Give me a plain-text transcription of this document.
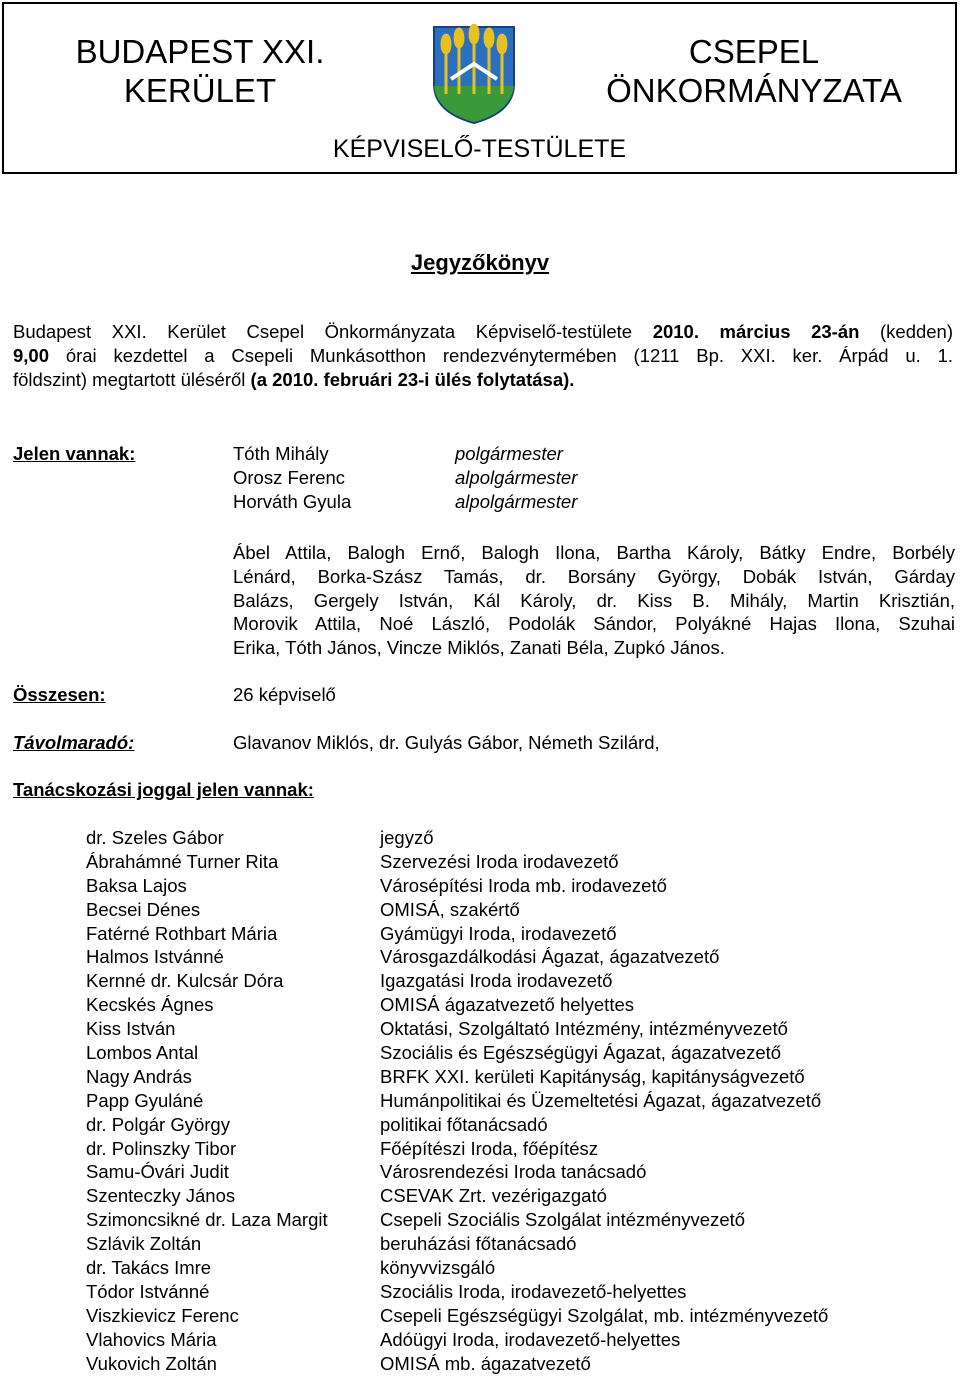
BUDAPEST XXI.
KERÜLET
CSEPEL
ÖNKORMÁNYZATA
KÉPVISELŐ-TESTÜLETE
Jegyzőkönyv
Budapest XXI. Kerület Csepel Önkormányzata Képviselő-testülete 2010. március 23-án (kedden)
9,00 órai kezdettel a Csepeli Munkásotthon rendezvénytermében (1211 Bp. XXI. ker. Árpád u. 1.
földszint) megtartott üléséről (a 2010. februári 23-i ülés folytatása).
Jelen vannak:	Tóth Mihály	polgármester
Orosz Ferenc	alpolgármester
Horváth Gyula	alpolgármester
Ábel Attila, Balogh Ernő, Balogh Ilona, Bartha Károly, Bátky Endre, Borbély
Lénárd, Borka-Szász Tamás, dr. Borsány György, Dobák István, Gárday
Balázs, Gergely István, Kál Károly, dr. Kiss B. Mihály, Martin Krisztián,
Morovik Attila, Noé László, Podolák Sándor, Polyákné Hajas Ilona, Szuhai
Erika, Tóth János, Vincze Miklós, Zanati Béla, Zupkó János.
Összesen:	26 képviselő
Távolmaradó:	Glavanov Miklós, dr. Gulyás Gábor, Németh Szilárd,
Tanácskozási joggal jelen vannak:
dr. Szeles Gábor	jegyző
Ábrahámné Turner Rita	Szervezési Iroda irodavezető
Baksa Lajos	Városépítési Iroda mb. irodavezető
Becsei Dénes	OMISÁ, szakértő
Fatérné Rothbart Mária	Gyámügyi Iroda, irodavezető
Halmos Istvánné	Városgazdálkodási Ágazat, ágazatvezető
Kernné dr. Kulcsár Dóra	Igazgatási Iroda irodavezető
Kecskés Ágnes	OMISÁ ágazatvezető helyettes
Kiss István	Oktatási, Szolgáltató Intézmény, intézményvezető
Lombos Antal	Szociális és Egészségügyi Ágazat, ágazatvezető
Nagy András	BRFK XXI. kerületi Kapitányság, kapitányságvezető
Papp Gyuláné	Humánpolitikai és Üzemeltetési Ágazat, ágazatvezető
dr. Polgár György	politikai főtanácsadó
dr. Polinszky Tibor	Főépítészi Iroda, főépítész
Samu-Óvári Judit	Városrendezési Iroda tanácsadó
Szenteczky János	CSEVAK Zrt. vezérigazgató
Szimoncsikné dr. Laza Margit	Csepeli Szociális Szolgálat intézményvezető
Szlávik Zoltán	beruházási főtanácsadó
dr. Takács Imre	könyvvizsgáló
Tódor Istvánné	Szociális Iroda, irodavezető-helyettes
Viszkievicz Ferenc	Csepeli Egészségügyi Szolgálat, mb. intézményvezető
Vlahovics Mária	Adóügyi Iroda, irodavezető-helyettes
Vukovich Zoltán	OMISÁ mb. ágazatvezető
